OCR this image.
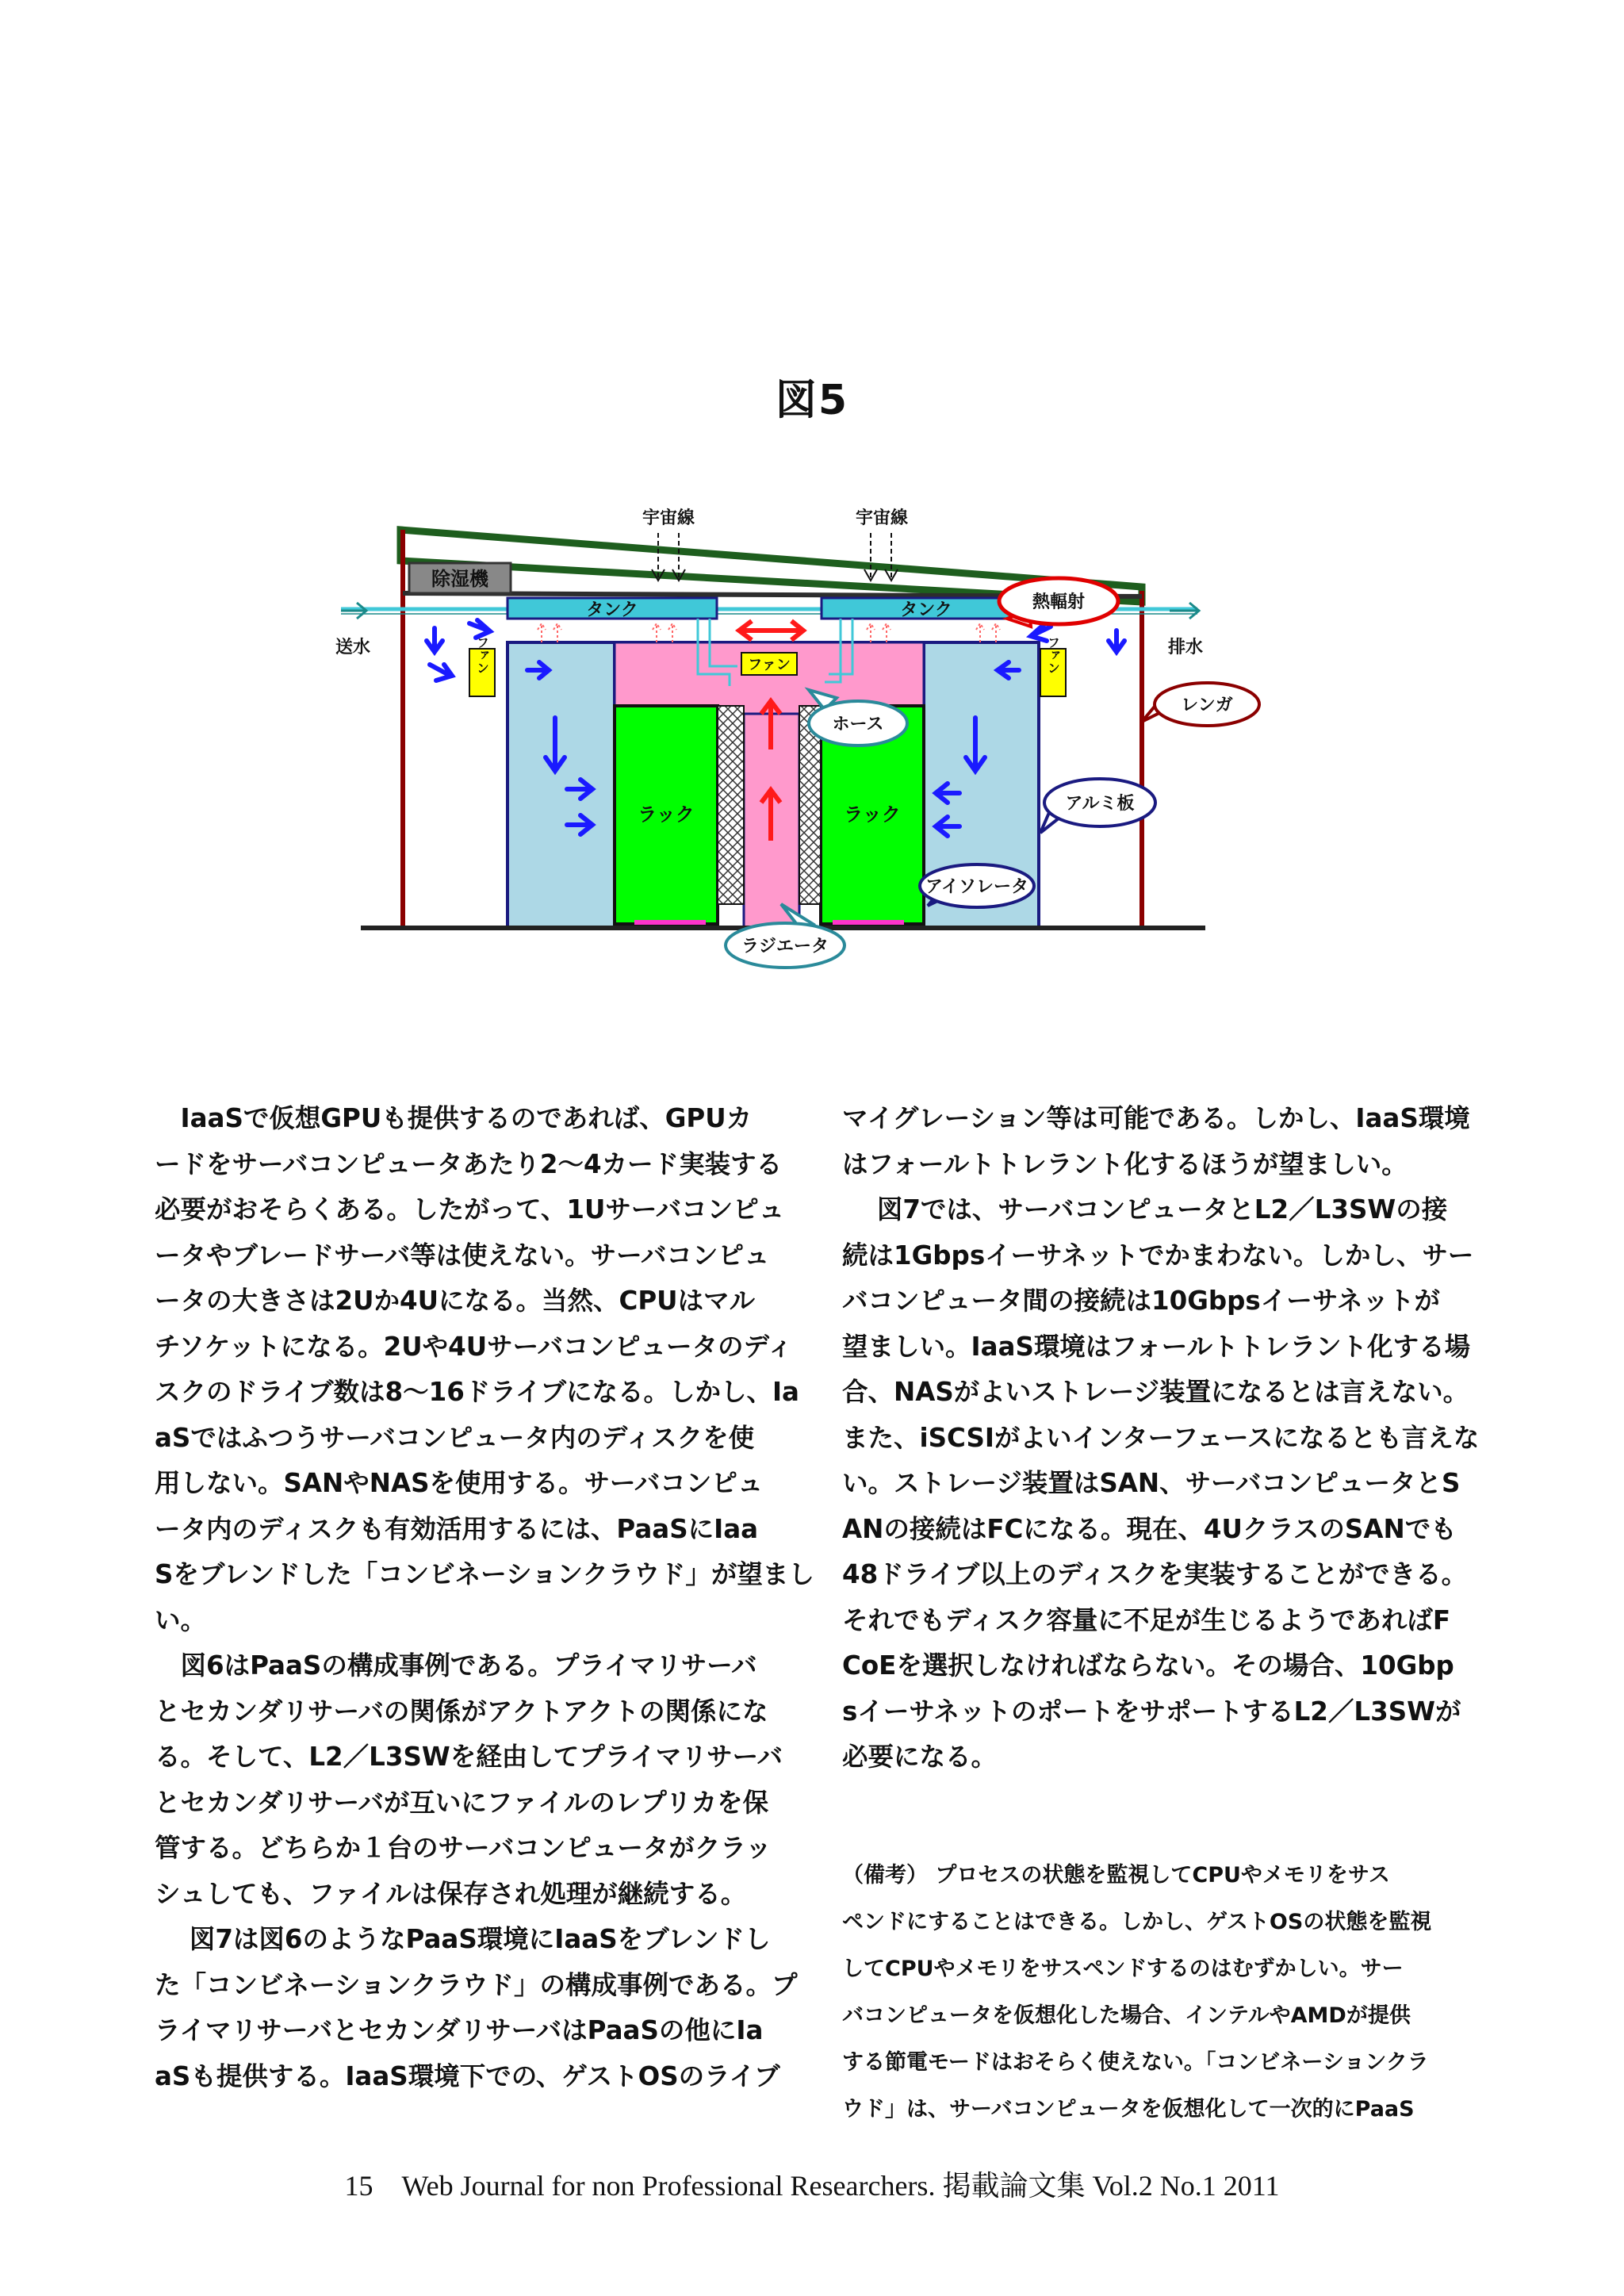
図5
除湿機
宇宙線	宇宙線
タンク	タンク
ラック	ラック
ファン	ファン	ファン
送水	排水
熱輻射
レンガ
ホース
アルミ板
アイソレータ
ラジエータ

　IaaSで仮想GPUも提供するのであれば、GPUカ

ードをサーバコンピュータあたり2～4カード実装する

必要がおそらくある。したがって、1Uサーバコンピュ

ータやブレードサーバ等は使えない。サーバコンピュ

ータの大きさは2Uか4Uになる。当然、CPUはマル

チソケットになる。2Uや4Uサーバコンピュータのディ

スクのドライブ数は8～16ドライブになる。しかし、Ia

aSではふつうサーバコンピュータ内のディスクを使

用しない。SANやNASを使用する。サーバコンピュ

ータ内のディスクも有効活用するには、PaaSにIaa

Sをブレンドした「コンビネーションクラウド」が望まし

い。

　図6はPaaSの構成事例である。プライマリサーバ

とセカンダリサーバの関係がアクトアクトの関係にな

る。そして、L2／L3SWを経由してプライマリサーバ

とセカンダリサーバが互いにファイルのレプリカを保

管する。どちらか１台のサーバコンピュータがクラッ

シュしても、ファイルは保存され処理が継続する。

　 図7は図6のようなPaaS環境にIaaSをブレンドし

た「コンビネーションクラウド」の構成事例である。プ

ライマリサーバとセカンダリサーバはPaaSの他にIa

aSも提供する。IaaS環境下での、ゲストOSのライブ

マイグレーション等は可能である。しかし、IaaS環境

はフォールトトレラント化するほうが望ましい。

　 図7では、サーバコンピュータとL2／L3SWの接

続は1Gbpsイーサネットでかまわない。しかし、サー

バコンピュータ間の接続は10Gbpsイーサネットが

望ましい。IaaS環境はフォールトトレラント化する場

合、NASがよいストレージ装置になるとは言えない。

また、iSCSIがよいインターフェースになるとも言えな

い。ストレージ装置はSAN、サーバコンピュータとS

ANの接続はFCになる。現在、4UクラスのSANでも

48ドライブ以上のディスクを実装することができる。

それでもディスク容量に不足が生じるようであればF

CoEを選択しなければならない。その場合、10Gbp

sイーサネットのポートをサポートするL2／L3SWが

必要になる。

（備考） プロセスの状態を監視してCPUやメモリをサス

ペンドにすることはできる。しかし、ゲストOSの状態を監視

してCPUやメモリをサスペンドするのはむずかしい。サー

バコンピュータを仮想化した場合、インテルやAMDが提供

する節電モードはおそらく使えない。「コンビネーションクラ

ウド」は、サーバコンピュータを仮想化して一次的にPaaS

15　Web Journal for non Professional Researchers. 掲載論文集 Vol.2 No.1 2011
